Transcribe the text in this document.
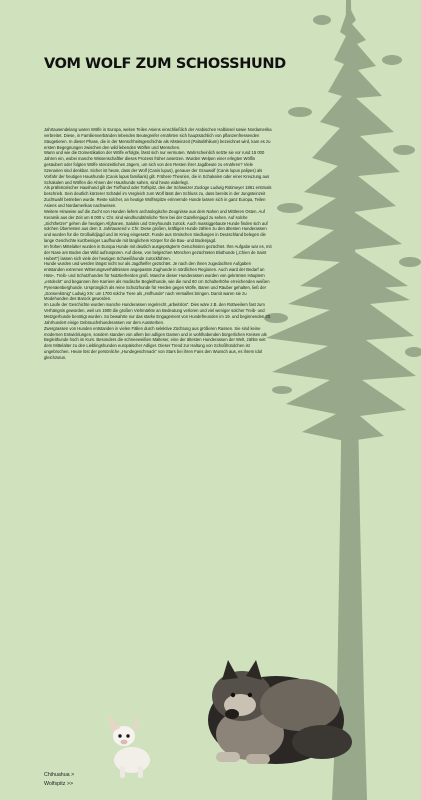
VOM WOLF ZUM SCHOSSHUND

Jahrtausendelang waren Wölfe in Europa, weiten Teilen Asiens einschließlich der Arabischen Halbinsel sowie Nordamerika verbreitet. Diese, in Familienverbänden lebenden Beutegreifer ernährten sich hauptsächlich von pflanzenfressenden Säugetieren. In dieser Phase, die in der Menschheitsgeschichte als Altsteinzeit (Paläolithikum) bezeichnet wird, kam es zu ersten Begegnungen zwischen den wild lebenden Wölfen und Menschen.

Wann und wie die Domestikation der Wölfe erfolgte, lässt sich nur vermuten. Wahrscheinlich setzte sie vor rund 15 000 Jahren ein, wobei manche Wissenschaftler dieses Prozess früher ansetzen. Wurden Welpen einer erlegten Wölfin gesäubert oder folgten Wölfe steinzeitlichen Jägern, um sich von den Resten ihrer Jagdbeute zu ernähren? Viele Szenarien sind denkbar. Sicher ist heute, dass der Wolf (Canis lupus), genauer der Grauwolf (Canis lupus palipes) als Vorfahr der heutigen Haushunde (Canis lupus familiaris) gilt. Frühere Theorien, die in Schakalen oder einer Kreuzung aus Schakalen und Wölfen die Ahnen der Haushunde sahen, sind heute widerlegt.

Als prähistorischer Haushund gilt der Torfhund oder Torfspitz, den der Schweizer Zoologe Ludwig Rütimeyer 1861 erstmals beschrieb. Sein deutlich kürzerer Schädel im Vergleich zum Wolf lässt den Schluss zu, dass bereits in der Jungsteinzeit Zuchtwahl betrieben wurde. Reste solcher, an heutige Wolfsspitze erinnernde Hunde lassen sich in ganz Europa, Teilen Asiens und Nordamerikas nachweisen.

Weitere Hinweise auf die Zucht von Hunden liefern archäologische Zeugnisse aus dem Nahen und Mittleren Osten. Auf Keramik aus der Zeit um 6 000 v. Chr. sind windhundähnliche Tiere bei der Gazellenjagd zu sehen. Auf solche „Sichthetzer“ gehen die heutigen Afghanen, Salukis und Greyhounds zurück. Auch massiggebaute Hunde finden sich auf solchen Überresten aus dem 3. Jahrtausend v. Chr. Diese großen, kräftigen Hunde zählen zu den ältesten Hunderassen und wurden für die Großwildjagd und im Krieg eingesetzt. Funde aus römischen Siedlungen in Deutschland belegen die lange Geschichte kurzbeiniger Laufhunde mit länglichem Körper für die Bau- und Bodenjagd.

Im frühen Mittelalter wurden in Europa Hunde mit deutlich ausgeprägterm Geruchssinn gezüchtet. Ihre Aufgabe war es, mit der Nase am Boden das Wild aufzuspüren. Auf diese, von belgischen Mönchen gezüchteten Bluthunde („Chien de Saint Hubert“) lassen sich viele der heutigen Schweißhunde zurückführen.

Hunde wurden und werden längst nicht nur als Jagdhelfer gezüchtet. Je nach den ihnen zugedachten Aufgaben entstanden extremen Witterungsverhältnissen angepasste Zughunde in nördlichen Regionen. Auch ward der Bedarf an Hüte-, Treib- und Schutzhunden für Nutztierherden groß. Manche dieser Hunderassen wurden von gekrönten Häuptern „entdeckt“ und begannen ihre Karriere als modische Begleithunde, wie die rund 60 cm Schulterhöhe erreichenden weißen Pyrenäenberghunde. Ursprünglich als reine Schutzhunde für Herden gegen Wölfe, Bären und Räuber gehalten, ließ der „Sonnenkönig“ Ludwig XIV. um 1700 solche Tiere als „Hofhunde“ nach Versailles bringen. Damit waren sie zu Modehunden des Barock geworden.

Im Laufe der Geschichte wurden manche Hunderassen regelrecht „arbeitslos“. Dies wäre z.B. den Rottweilern fast zum Verhängnis geworden, weil um 1900 die großen Viehmärkte an Bedeutung verloren und viel weniger solcher Treib- und Metzgerhunde benötigt wurden. So bewahrte nur das starke Engagement von Hundefreunden im 19. und beginnenden 20. Jahrhundert einige Gebrauchshunderassen vor dem Aussterben.

Zwergrassen von Hunden entstanden in vielen Fällen durch selektive Züchtung aus größeren Rassen. Sie sind keine modernen Entwicklungen, sondern standen von allem bei adligen Damen und in wohlhabenden bürgerlichen Kreisen als Begleithunde hoch im Kurs. Besonders die schneeweißen Malteser, eine der ältesten Hunderassen der Welt, zählte seit dem Mittelalter zu den Lieblingshunden europäischer Adliger. Dieser Trend zur Haltung von Schoßhündchen ist ungebrochen. Heute löst der persönliche „Hundegeschmack“ von Stars bei ihren Fans den Wunsch aus, es ihrem Idol gleichzutun.

Chihuahua >
Wolfspitz >>
